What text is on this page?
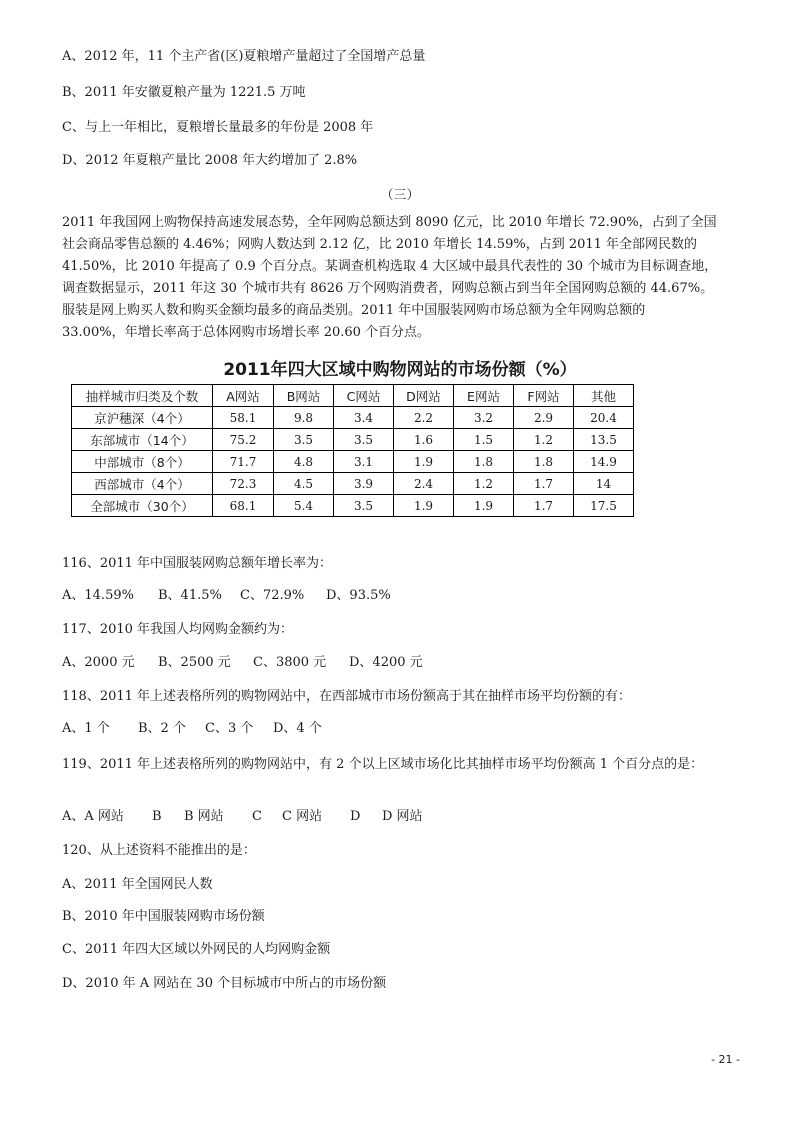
A、2012 年，11 个主产省(区)夏粮增产量超过了全国增产总量
B、2011 年安徽夏粮产量为 1221.5 万吨
C、与上一年相比，夏粮增长量最多的年份是 2008 年
D、2012 年夏粮产量比 2008 年大约增加了 2.8%
（三）
2011 年我国网上购物保持高速发展态势，全年网购总额达到 8090 亿元，比 2010 年增长 72.90%，占到了全国
社会商品零售总额的 4.46%；网购人数达到 2.12 亿，比 2010 年增长 14.59%，占到 2011 年全部网民数的
41.50%，比 2010 年提高了 0.9 个百分点。某调查机构选取 4 大区域中最具代表性的 30 个城市为目标调查地，
调查数据显示，2011 年这 30 个城市共有 8626 万个网购消费者，网购总额占到当年全国网购总额的 44.67%。
服装是网上购买人数和购买金额均最多的商品类别。2011 年中国服装网购市场总额为全年网购总额的
33.00%，年增长率高于总体网购市场增长率 20.60 个百分点。
2011年四大区域中购物网站的市场份额（%）
抽样城市归类及个数	A网站	B网站	C网站	D网站	E网站	F网站	其他
京沪穗深（4个）	58.1	9.8	3.4	2.2	3.2	2.9	20.4
东部城市（14个）	75.2	3.5	3.5	1.6	1.5	1.2	13.5
中部城市（8个）	71.7	4.8	3.1	1.9	1.8	1.8	14.9
西部城市（4个）	72.3	4.5	3.9	2.4	1.2	1.7	14
全部城市（30个）	68.1	5.4	3.5	1.9	1.9	1.7	17.5
116、2011 年中国服装网购总额年增长率为：
A、14.59% B、41.5% C、72.9% D、93.5%
117、2010 年我国人均网购金额约为：
A、2000 元 B、2500 元 C、3800 元 D、4200 元
118、2011 年上述表格所列的购物网站中，在西部城市市场份额高于其在抽样市场平均份额的有：
A、1 个 B、2 个 C、3 个 D、4 个
119、2011 年上述表格所列的购物网站中，有 2 个以上区域市场化比其抽样市场平均份额高 1 个百分点的是：
A、A 网站 B B 网站 C C 网站 D D 网站
120、从上述资料不能推出的是：
A、2011 年全国网民人数
B、2010 年中国服装网购市场份额
C、2011 年四大区域以外网民的人均网购金额
D、2010 年 A 网站在 30 个目标城市中所占的市场份额
- 21 -
